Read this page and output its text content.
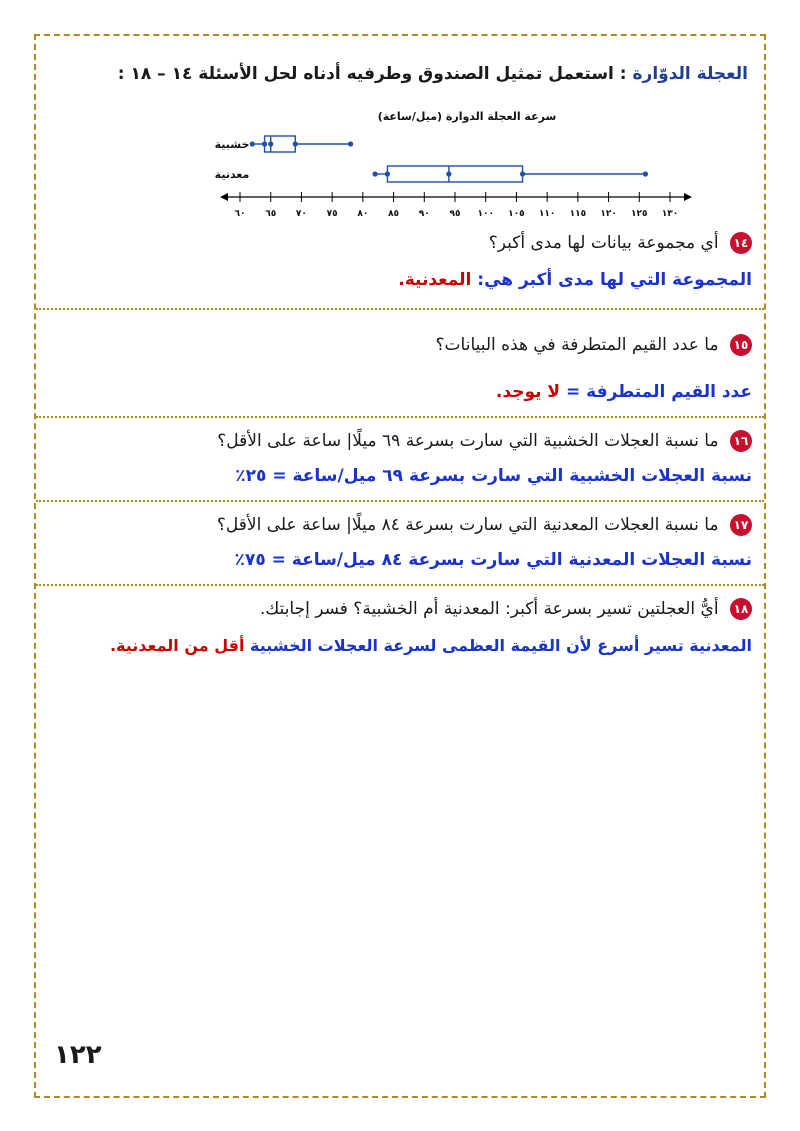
العجلة الدوّارة : استعمل تمثيل الصندوق وطرفيه أدناه لحل الأسئلة ١٤ – ١٨ :
سرعة العجلة الدوارة (ميل/ساعة)
خشبية
معدنية
٦٠ ٦٥ ٧٠ ٧٥ ٨٠ ٨٥ ٩٠ ٩٥ ١٠٠ ١٠٥ ١١٠ ١١٥ ١٢٠ ١٢٥ ١٣٠
١٤ أي مجموعة بيانات لها مدى أكبر؟
المجموعة التي لها مدى أكبر هي: المعدنية.
١٥ ما عدد القيم المتطرفة في هذه البيانات؟
عدد القيم المتطرفة = لا يوجد.
١٦ ما نسبة العجلات الخشبية التي سارت بسرعة ٦٩ ميلًا| ساعة على الأقل؟
نسبة العجلات الخشبية التي سارت بسرعة ٦٩ ميل/ساعة = ٢٥٪
١٧ ما نسبة العجلات المعدنية التي سارت بسرعة ٨٤ ميلًا| ساعة على الأقل؟
نسبة العجلات المعدنية التي سارت بسرعة ٨٤ ميل/ساعة = ٧٥٪
١٨ أيُّ العجلتين تسير بسرعة أكبر: المعدنية أم الخشبية؟ فسر إجابتك.
المعدنية تسير أسرع لأن القيمة العظمى لسرعة العجلات الخشبية أقل من المعدنية.
١٢٢
